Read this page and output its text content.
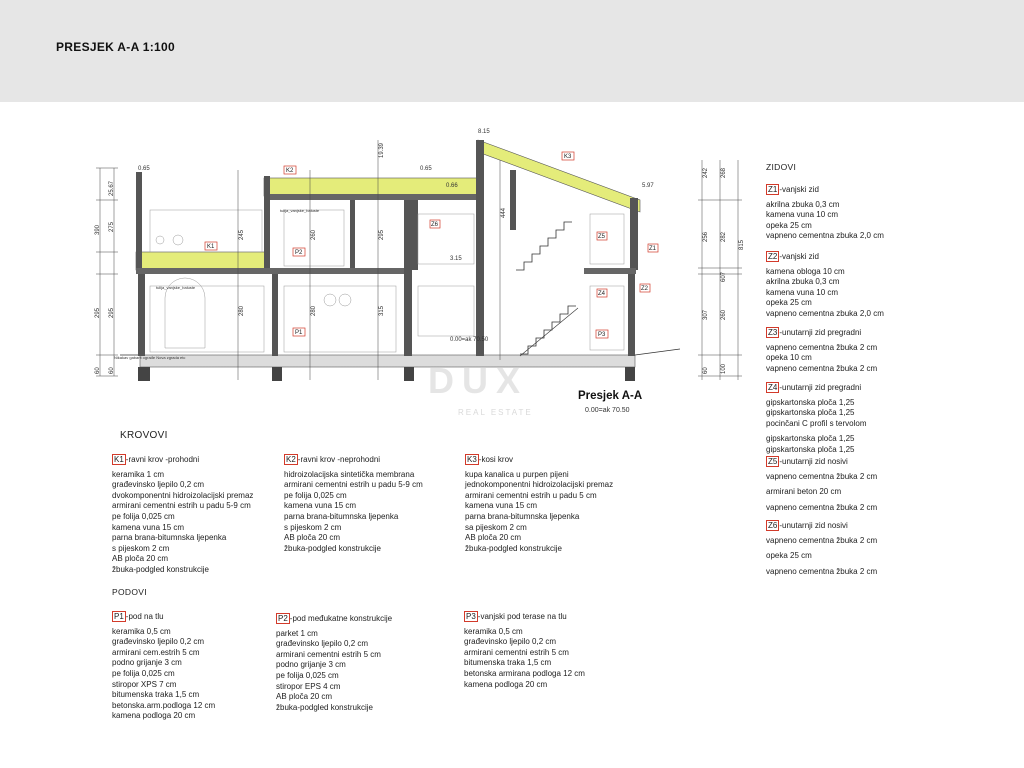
PRESJEK A-A 1:100
390 275
25.67
295 295
60 60
242 268
256 282
815
607
307 260
60 100
245
280
260
280
295
315
444
19.39
0.65	0.65
0.66
8.15
5.97
3.15
0.00=ak 70.50
tulija_vanjske_baluste
tulija_vanjske_baluste
Nikakav gabarit ograđe Nova zgrada etc
K1
K2
K3
P1
P2
P3
Z1
Z2
Z6
Z5
Z4
DUX
REAL ESTATE
Presjek A-A
0.00=ak 70.50
KROVOVI
K1 -ravni krov -prohodni
keramika 1 cm
građevinsko ljepilo 0,2 cm
dvokomponentni hidroizolacijski premaz
armirani cementni estrih u padu 5-9 cm
pe folija 0,025 cm
kamena vuna 15 cm
parna brana-bitumnska ljepenka
s pijeskom 2 cm
AB ploča 20 cm
žbuka-podgled konstrukcije
K2 -ravni krov -neprohodni
hidroizolacijska sintetička membrana
armirani cementni estrih u padu 5-9 cm
pe folija 0,025 cm
kamena vuna 15 cm
parna brana-bitumnska ljepenka
s pijeskom 2 cm
AB ploča 20 cm
žbuka-podgled konstrukcije
K3 -kosi krov
kupa kanalica u purpen pijeni
jednokomponentni hidroizolacijski premaz
armirani cementni estrih u padu 5 cm
kamena vuna 15 cm
parna brana-bitumnska ljepenka
sa pijeskom 2 cm
AB ploča 20 cm
žbuka-podgled konstrukcije
PODOVI
P1 -pod na tlu
keramika 0,5 cm
građevinsko ljepilo 0,2 cm
armirani cem.estrih 5 cm
podno grijanje 3 cm
pe folija 0,025 cm
stiropor XPS 7 cm
bitumenska traka 1,5 cm
betonska.arm.podloga 12 cm
kamena podloga 20 cm
P2 -pod međukatne konstrukcije
parket 1 cm
građevinsko ljepilo 0,2 cm
armirani cementni estrih 5 cm
podno grijanje 3 cm
pe folija 0,025 cm
stiropor EPS 4 cm
AB ploča 20 cm
žbuka-podgled konstrukcije
P3 -vanjski pod terase na tlu
keramika 0,5 cm
građevinsko ljepilo 0,2 cm
armirani cementni estrih 5 cm
bitumenska traka 1,5 cm
betonska armirana podloga 12 cm
kamena podloga 20 cm
ZIDOVI
Z1 -vanjski zid
akrilna zbuka 0,3 cm
kamena vuna 10 cm
opeka 25 cm
vapneno cementna zbuka 2,0 cm
Z2 -vanjski zid
kamena obloga 10 cm
akrilna zbuka 0,3 cm
kamena vuna 10 cm
opeka 25 cm
vapneno cementna zbuka 2,0 cm
Z3 -unutarnji zid pregradni
vapneno cementna žbuka 2 cm
opeka 10 cm
vapneno cementna žbuka 2 cm
Z4 -unutarnji zid pregradni
gipskartonska ploča 1,25
gipskartonska ploča 1,25
pocinčani C profil s tervolom
gipskartonska ploča 1,25
gipskartonska ploča 1,25
Z5 -unutarnji zid nosivi
vapneno cementna žbuka 2 cm
armirani beton 20 cm
vapneno cementna žbuka 2 cm
Z6 -unutarnji zid nosivi
vapneno cementna žbuka 2 cm
opeka 25 cm
vapneno cementna žbuka 2 cm
